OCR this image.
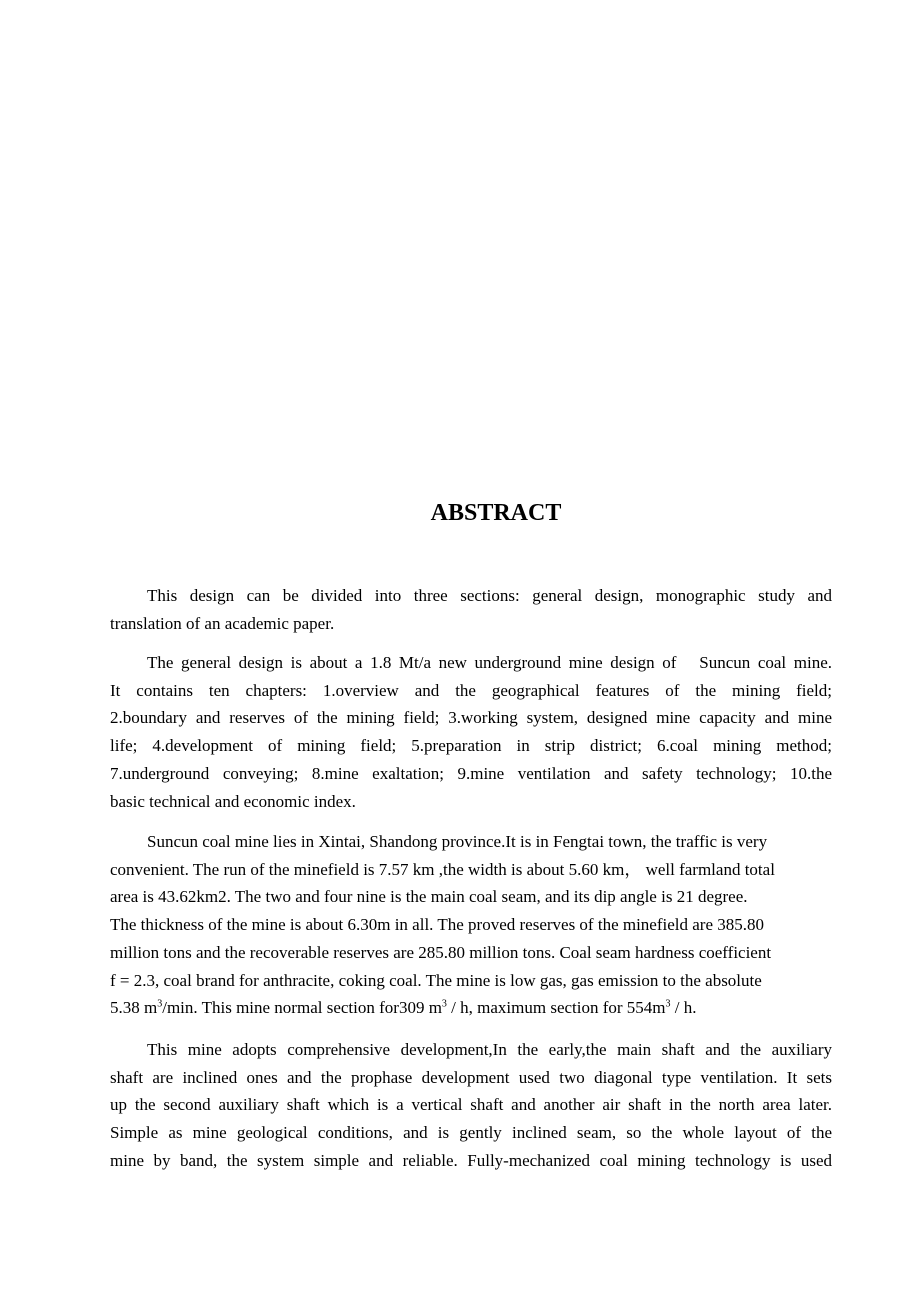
ABSTRACT
This design can be divided into three sections: general design, monographic study and
translation of an academic paper.
The general design is about a 1.8 Mt/a new underground mine design of   Suncun coal mine.
It contains ten chapters: 1.overview and the geographical features of the mining field;
2.boundary and reserves of the mining field; 3.working system, designed mine capacity and mine
life; 4.development of mining field; 5.preparation in strip district; 6.coal mining method;
7.underground conveying; 8.mine exaltation; 9.mine ventilation and safety technology; 10.the
basic technical and economic index.
Suncun coal mine lies in Xintai, Shandong province.It is in Fengtai town, the traffic is very
convenient. The run of the minefield is 7.57 km ,the width is about 5.60 km， well farmland total
area is 43.62km2. The two and four nine is the main coal seam, and its dip angle is 21 degree.
The thickness of the mine is about 6.30m in all. The proved reserves of the minefield are 385.80
million tons and the recoverable reserves are 285.80 million tons. Coal seam hardness coefficient
f = 2.3, coal brand for anthracite, coking coal. The mine is low gas, gas emission to the absolute
5.38 $m^3/\min$. This mine normal section for309 $m^3$ / h, maximum section for $554m^3$ / h.
This mine adopts comprehensive development,In the early,the main shaft and the auxiliary
shaft are inclined ones and the prophase development used two diagonal type ventilation. It sets
up the second auxiliary shaft which is a vertical shaft and another air shaft in the north area later.
Simple as mine geological conditions, and is gently inclined seam, so the whole layout of the
mine by band, the system simple and reliable. Fully-mechanized coal mining technology is used
